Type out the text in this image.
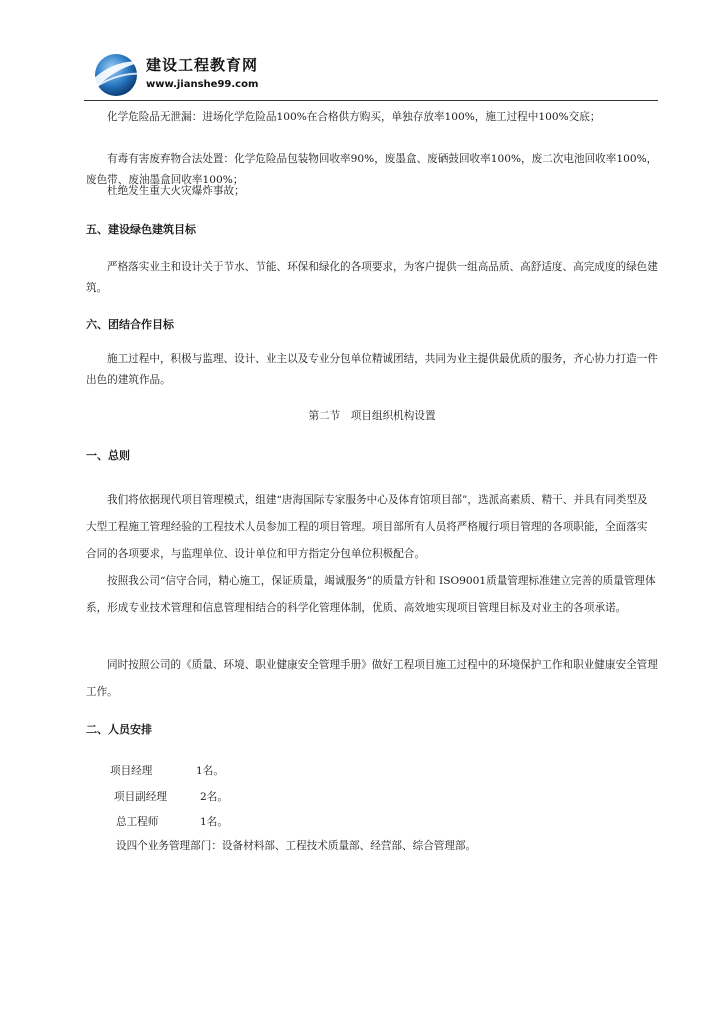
建设工程教育网
www.jianshe99.com

化学危险品无泄漏：进场化学危险品100%在合格供方购买，单独存放率100%，施工过程中100%交底；

有毒有害废弃物合法处置：化学危险品包装物回收率90%，废墨盒、废硒鼓回收率100%，废二次电池回收率100%，废色带、废油墨盒回收率100%；

杜绝发生重大火灾爆炸事故；

五、建设绿色建筑目标

严格落实业主和设计关于节水、节能、环保和绿化的各项要求，为客户提供一组高品质、高舒适度、高完成度的绿色建筑。

六、团结合作目标

施工过程中，积极与监理、设计、业主以及专业分包单位精诚团结，共同为业主提供最优质的服务，齐心协力打造一件出色的建筑作品。

第二节　项目组织机构设置

一、总则

我们将依据现代项目管理模式，组建“唐海国际专家服务中心及体育馆项目部”，选派高素质、精干、并具有同类型及大型工程施工管理经验的工程技术人员参加工程的项目管理。项目部所有人员将严格履行项目管理的各项职能，全面落实合同的各项要求，与监理单位、设计单位和甲方指定分包单位积极配合。

按照我公司“信守合同，精心施工，保证质量，竭诚服务”的质量方针和 ISO9001质量管理标准建立完善的质量管理体系，形成专业技术管理和信息管理相结合的科学化管理体制，优质、高效地实现项目管理目标及对业主的各项承诺。

同时按照公司的《质量、环境、职业健康安全管理手册》做好工程项目施工过程中的环境保护工作和职业健康安全管理工作。

二、人员安排

项目经理	1名。
项目副经理	2名。
总工程师	1名。
设四个业务管理部门：设备材料部、工程技术质量部、经营部、综合管理部。
